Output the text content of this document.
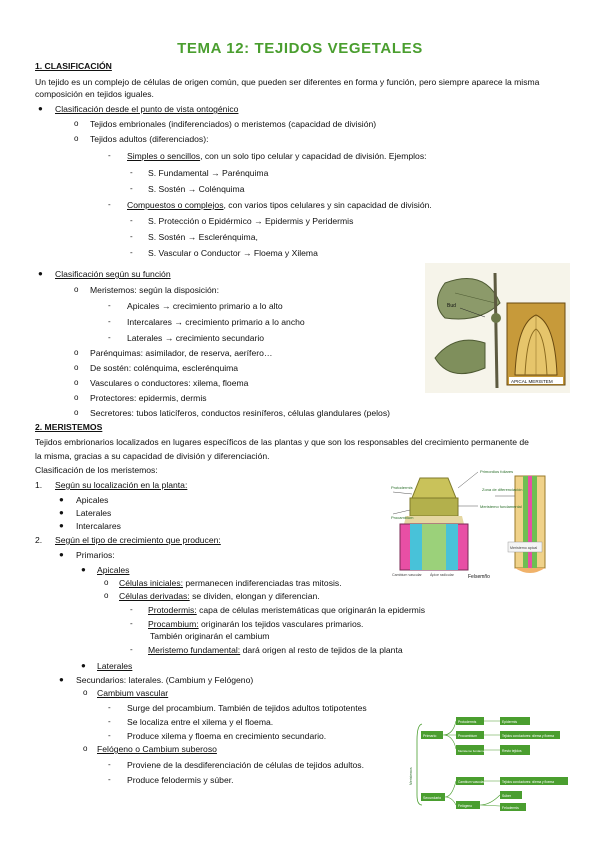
TEMA 12: TEJIDOS VEGETALES
1. CLASIFICACIÓN
Un tejido es un complejo de células de origen común, que pueden ser diferentes en forma y función, pero siempre aparece la misma
composición en tejidos iguales.
● Clasificación desde el punto de vista ontogénico
o Tejidos embrionales (indiferenciados) o meristemos (capacidad de división)
o Tejidos adultos (diferenciados):
- Simples o sencillos, con un solo tipo celular y capacidad de división. Ejemplos:
- S. Fundamental → Parénquima
- S. Sostén → Colénquima
- Compuestos o complejos, con varios tipos celulares y sin capacidad de división.
- S. Protección o Epidérmico → Epidermis y Peridermis
- S. Sostén → Esclerénquima,
- S. Vascular o Conductor → Floema y Xilema
● Clasificación según su función
o Meristemos: según la disposición:
- Apicales → crecimiento primario a lo alto
- Intercalares → crecimiento primario a lo ancho
- Laterales → crecimiento secundario
o Parénquimas: asimilador, de reserva, aerífero…
o De sostén: colénquima, esclerénquima
o Vasculares o conductores: xilema, floema
o Protectores: epidermis, dermis
o Secretores: tubos laticíferos, conductos resiníferos, células glandulares (pelos)
Bud
APICAL MERISTEM
2. MERISTEMOS
Tejidos embrionarios localizados en lugares específicos de las plantas y que son los responsables del crecimiento permanente de
la misma, gracias a su capacidad de división y diferenciación.
Clasificación de los meristemos:
1. Según su localización en la planta:
● Apicales
● Laterales
● Intercalares
2. Según el tipo de crecimiento que producen:
● Primarios:
● Apicales
o Células iniciales: permanecen indiferenciadas tras mitosis.
o Células derivadas: se dividen, elongan y diferencian.
- Protodermis: capa de células meristemáticas que originarán la epidermis
- Procambium: originarán los tejidos vasculares primarios.
También originarán el cambium
- Meristemo fundamental: dará origen al resto de tejidos de la planta
● Laterales
● Secundarios: laterales. (Cambium y Felógeno)
o Cambium vascular
- Surge del procambium. También de tejidos adultos totipotentes
- Se localiza entre el xilema y el floema.
- Produce xilema y floema en crecimiento secundario.
o Felógeno o Cambium suberoso
- Proviene de la desdiferenciación de células de tejidos adultos.
- Produce felodermis y súber.
Primordios foliares
Protodermis
Procambium
Meristemo fundamental
Zona de diferenciación
Cambium vascular Ápice radicular
Meristemo apical
Felsemño
Meristemos
Primario
Secundario
Protodermis
Procambium
Meristemo fundamental
Epidermis
Tejidos conductores: xilema y floema
Resto tejidos
Cambium vascular
Felógeno
Tejidos conductores: xilema y floema
Súber
Felodermis
